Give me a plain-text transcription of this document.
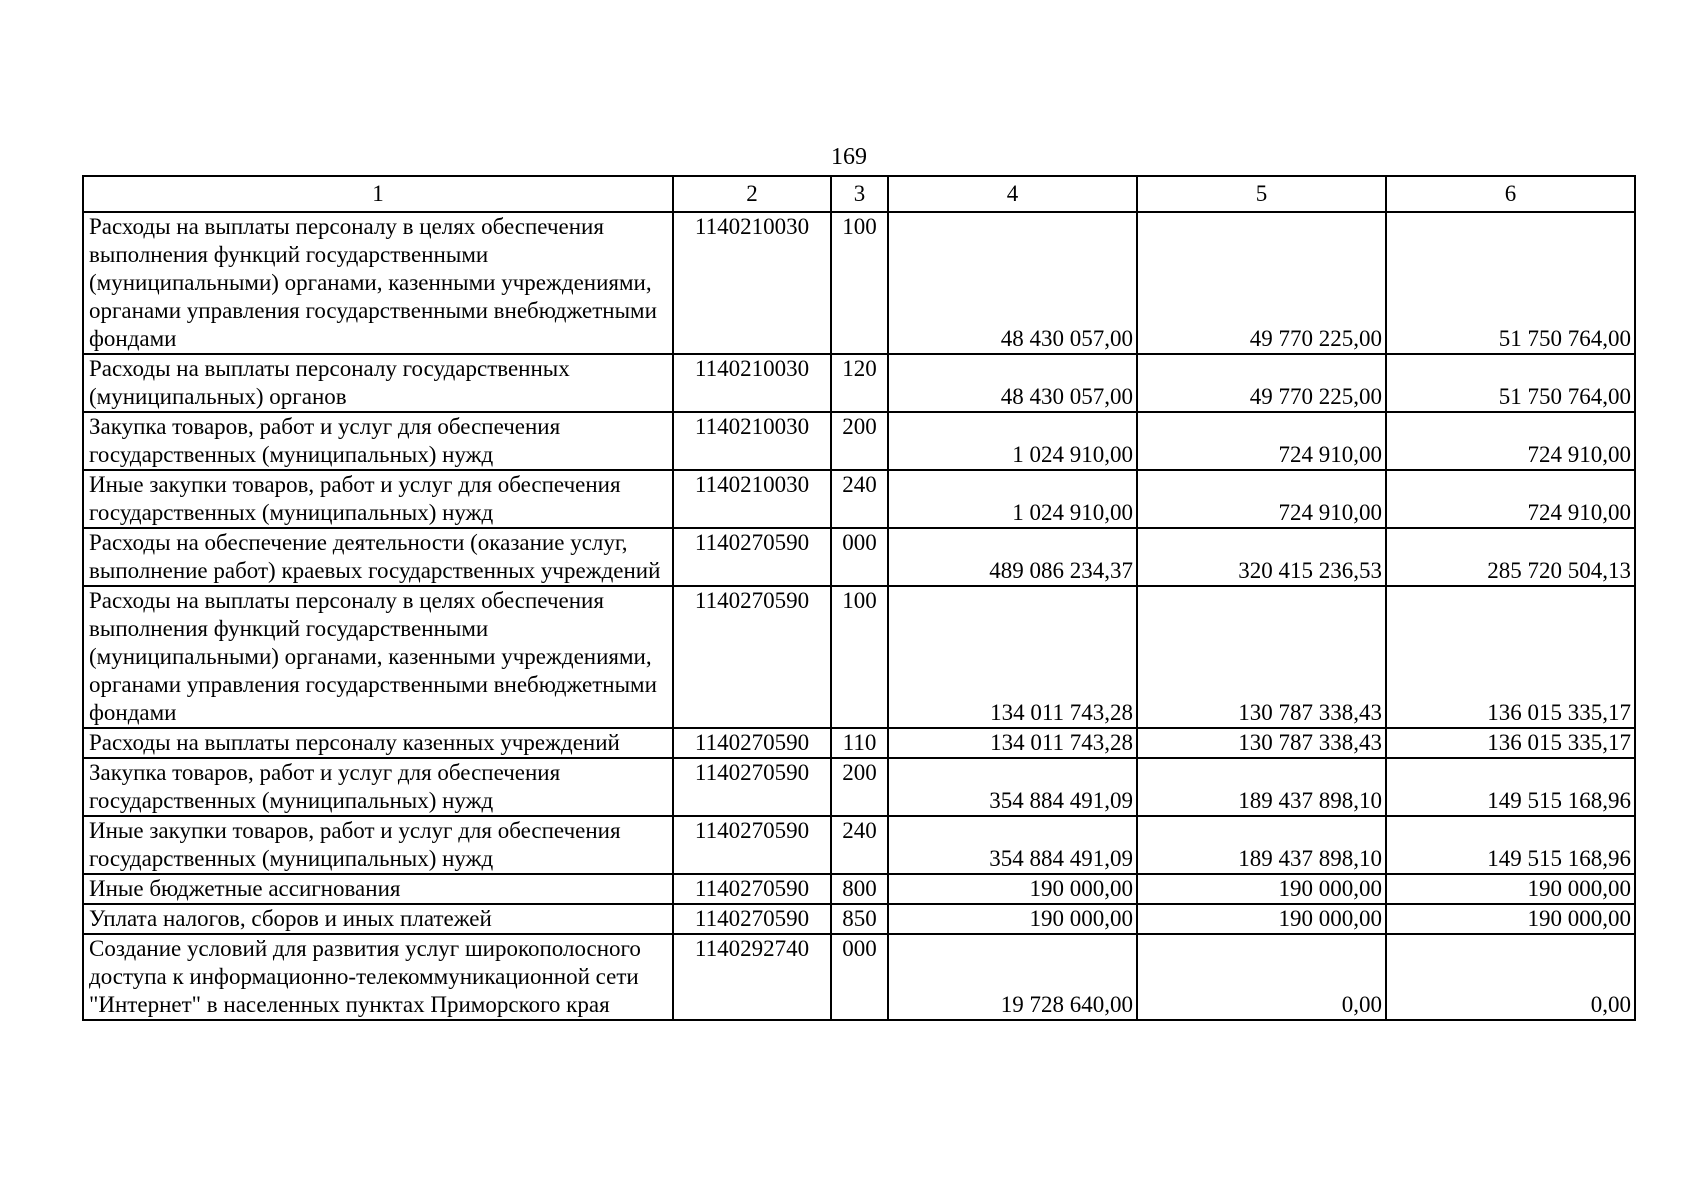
169
1	2	3	4	5	6
Расходы на выплаты персоналу в целях обеспечения выполнения функций государственными (муниципальными) органами, казенными учреждениями, органами управления государственными внебюджетными фондами	1140210030	100	48 430 057,00	49 770 225,00	51 750 764,00
Расходы на выплаты персоналу государственных (муниципальных) органов	1140210030	120	48 430 057,00	49 770 225,00	51 750 764,00
Закупка товаров, работ и услуг для обеспечения государственных (муниципальных) нужд	1140210030	200	1 024 910,00	724 910,00	724 910,00
Иные закупки товаров, работ и услуг для обеспечения государственных (муниципальных) нужд	1140210030	240	1 024 910,00	724 910,00	724 910,00
Расходы на обеспечение деятельности (оказание услуг, выполнение работ) краевых государственных учреждений	1140270590	000	489 086 234,37	320 415 236,53	285 720 504,13
Расходы на выплаты персоналу в целях обеспечения выполнения функций государственными (муниципальными) органами, казенными учреждениями, органами управления государственными внебюджетными фондами	1140270590	100	134 011 743,28	130 787 338,43	136 015 335,17
Расходы на выплаты персоналу казенных учреждений	1140270590	110	134 011 743,28	130 787 338,43	136 015 335,17
Закупка товаров, работ и услуг для обеспечения государственных (муниципальных) нужд	1140270590	200	354 884 491,09	189 437 898,10	149 515 168,96
Иные закупки товаров, работ и услуг для обеспечения государственных (муниципальных) нужд	1140270590	240	354 884 491,09	189 437 898,10	149 515 168,96
Иные бюджетные ассигнования	1140270590	800	190 000,00	190 000,00	190 000,00
Уплата налогов, сборов и иных платежей	1140270590	850	190 000,00	190 000,00	190 000,00
Создание условий для развития услуг широкополосного доступа к информационно-телекоммуникационной сети "Интернет" в населенных пунктах Приморского края	1140292740	000	19 728 640,00	0,00	0,00
